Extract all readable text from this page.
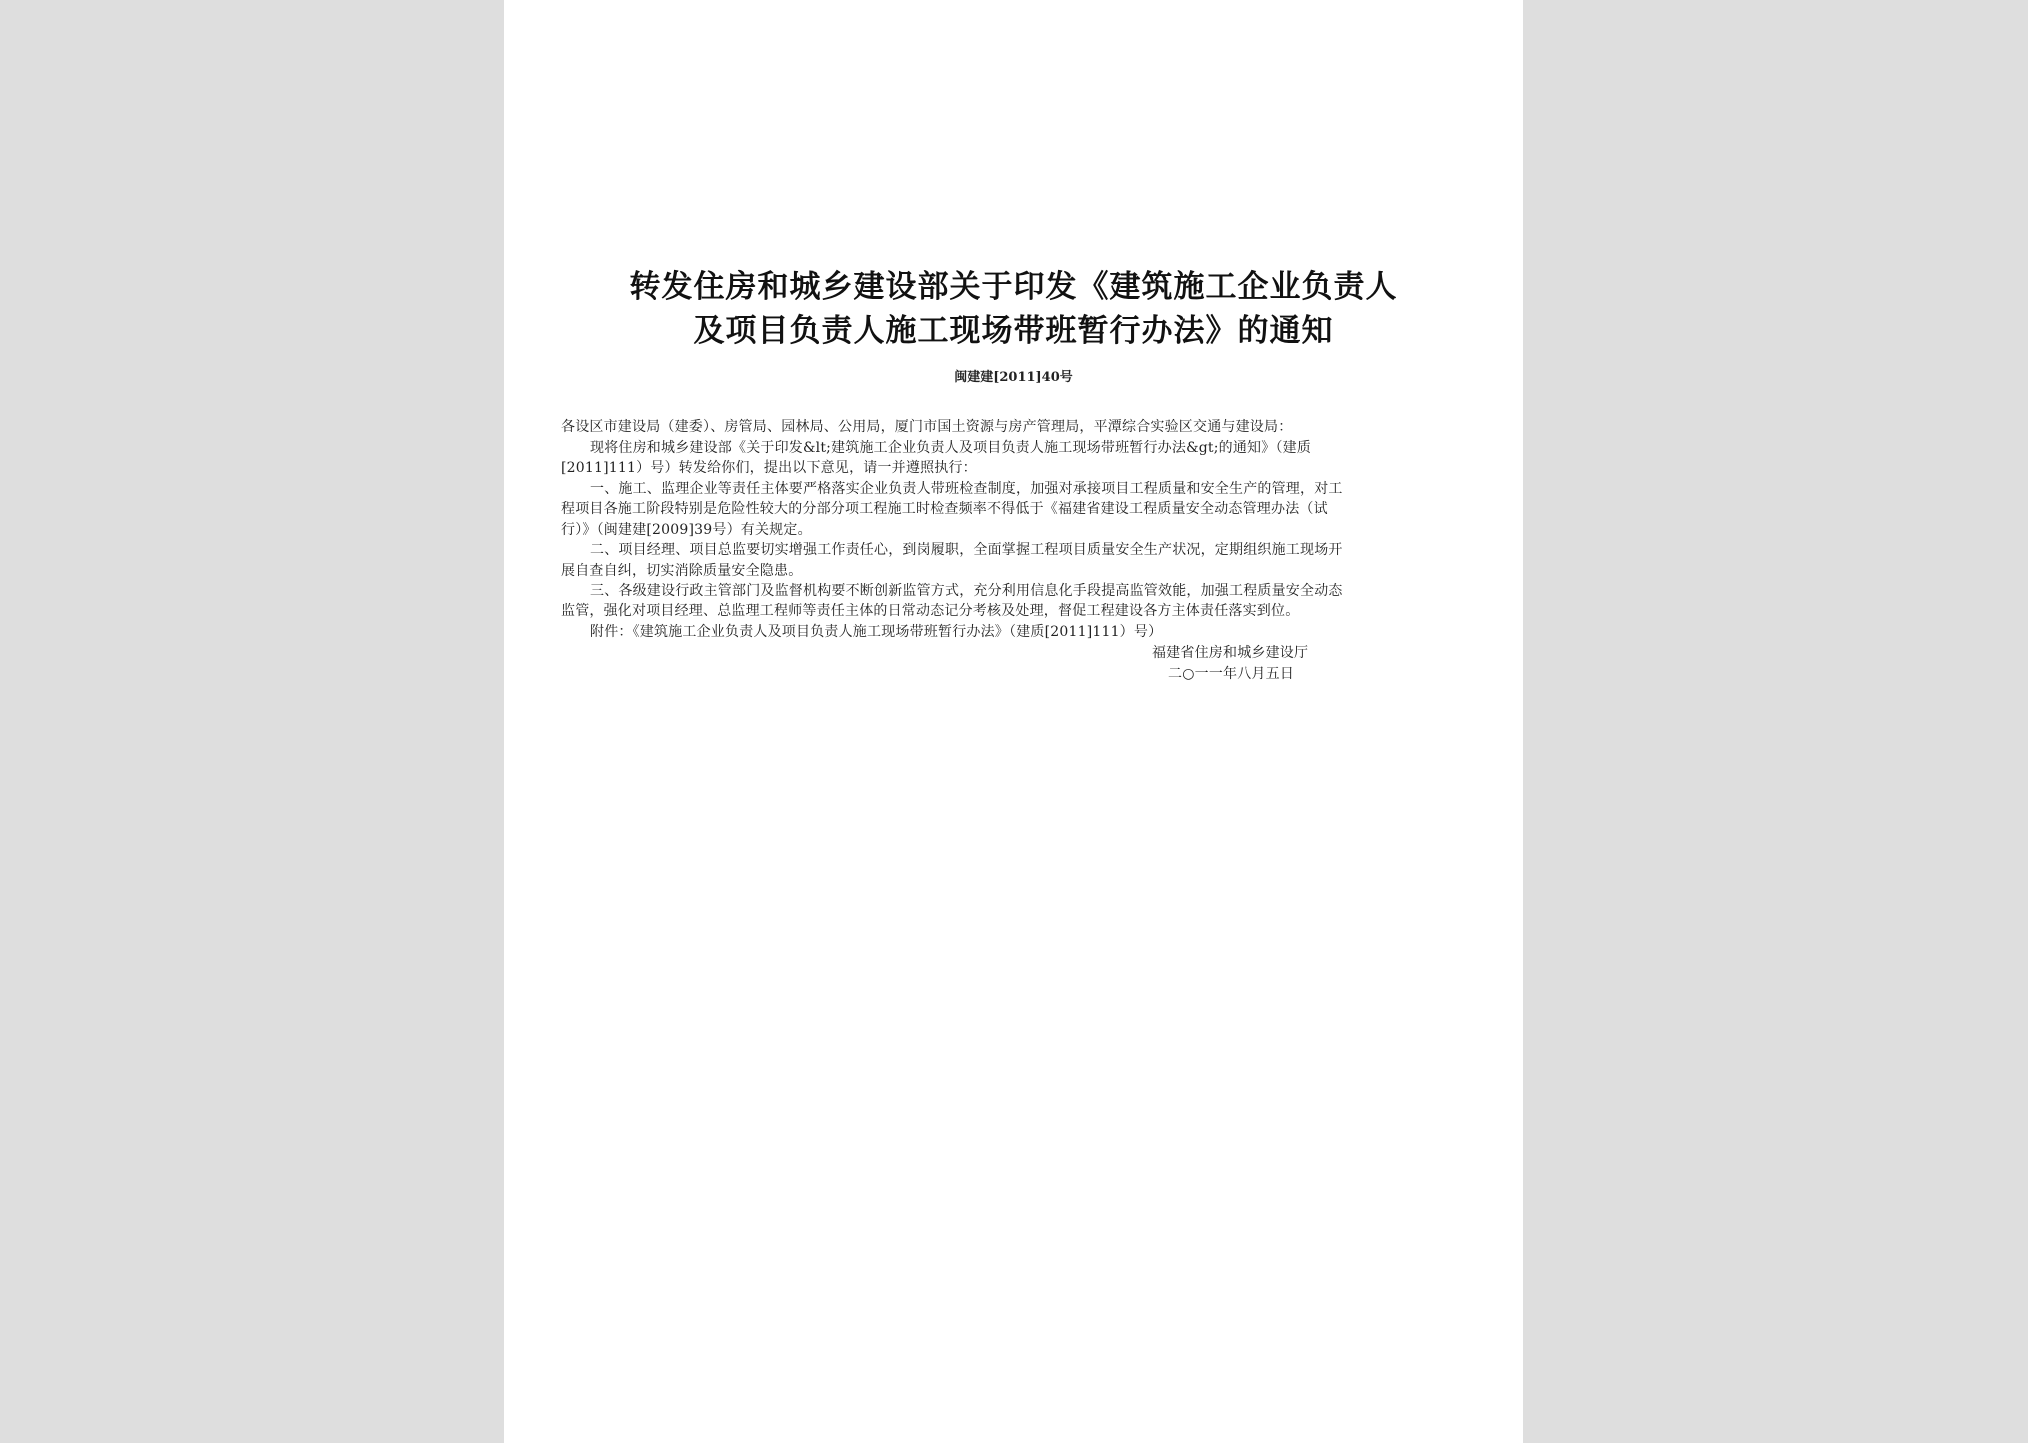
转发住房和城乡建设部关于印发《建筑施工企业负责人
及项目负责人施工现场带班暂行办法》的通知
闽建建[2011]40号
各设区市建设局（建委）、房管局、园林局、公用局，厦门市国土资源与房产管理局，平潭综合实验区交通与建设局：
现将住房和城乡建设部《关于印发&lt;建筑施工企业负责人及项目负责人施工现场带班暂行办法&gt;的通知》（建质
[2011]111）号）转发给你们，提出以下意见，请一并遵照执行：
一、施工、监理企业等责任主体要严格落实企业负责人带班检查制度，加强对承接项目工程质量和安全生产的管理，对工
程项目各施工阶段特别是危险性较大的分部分项工程施工时检查频率不得低于《福建省建设工程质量安全动态管理办法（试
行）》（闽建建[2009]39号）有关规定。
二、项目经理、项目总监要切实增强工作责任心，到岗履职，全面掌握工程项目质量安全生产状况，定期组织施工现场开
展自查自纠，切实消除质量安全隐患。
三、各级建设行政主管部门及监督机构要不断创新监管方式，充分利用信息化手段提高监管效能，加强工程质量安全动态
监管，强化对项目经理、总监理工程师等责任主体的日常动态记分考核及处理，督促工程建设各方主体责任落实到位。
附件：《建筑施工企业负责人及项目负责人施工现场带班暂行办法》（建质[2011]111）号）
福建省住房和城乡建设厅
二○一一年八月五日
